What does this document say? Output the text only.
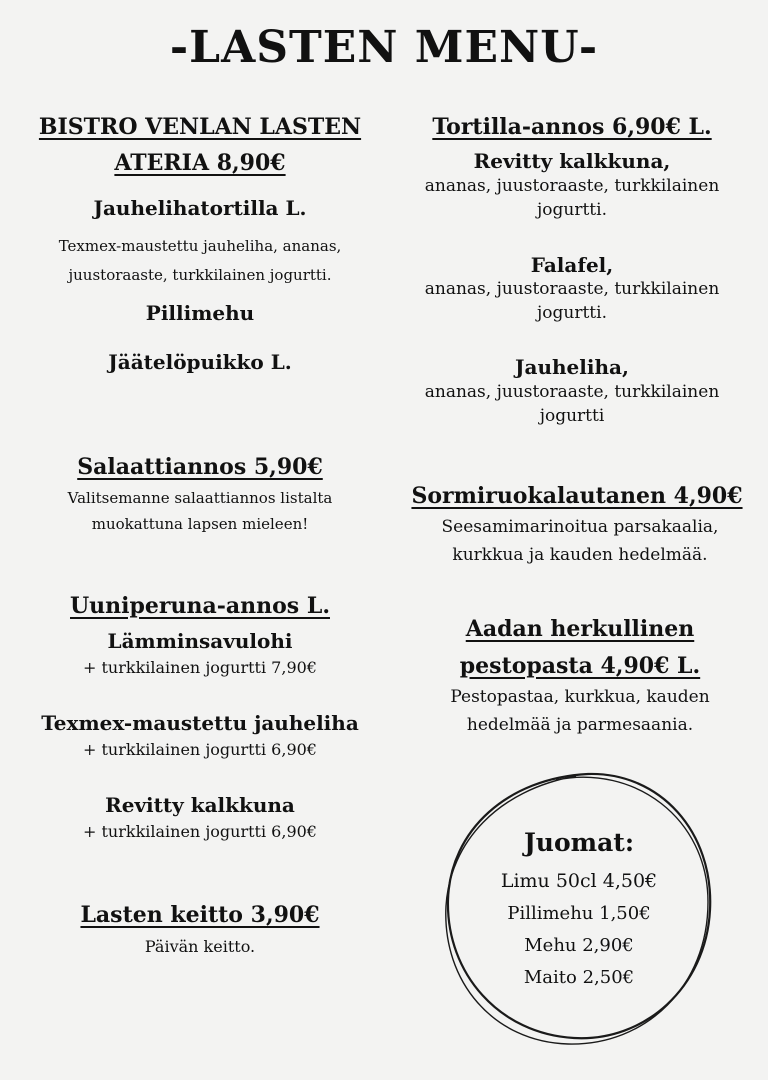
-LASTEN MENU-
BISTRO VENLAN LASTEN
ATERIA 8,90€
Jauhelihatortilla L.
Texmex-maustettu jauheliha, ananas,
juustoraaste, turkkilainen jogurtti.
Pillimehu
Jäätelöpuikko L.
Salaattiannos 5,90€
Valitsemanne salaattiannos listalta
muokattuna lapsen mieleen!
Uuniperuna-annos L.
Lämminsavulohi
+ turkkilainen jogurtti 7,90€
Texmex-maustettu jauheliha
+ turkkilainen jogurtti 6,90€
Revitty kalkkuna
+ turkkilainen jogurtti 6,90€
Lasten keitto 3,90€
Päivän keitto.
Tortilla-annos 6,90€ L.
Revitty kalkkuna,
ananas, juustoraaste, turkkilainen
jogurtti.
Falafel,
ananas, juustoraaste, turkkilainen
jogurtti.
Jauheliha,
ananas, juustoraaste, turkkilainen
jogurtti
Sormiruokalautanen 4,90€
Seesamimarinoitua parsakaalia,
kurkkua ja kauden hedelmää.
Aadan herkullinen
pestopasta 4,90€ L.
Pestopastaa, kurkkua, kauden
hedelmää ja parmesaania.
Juomat:
Limu 50cl 4,50€
Pillimehu 1,50€
Mehu 2,90€
Maito 2,50€
